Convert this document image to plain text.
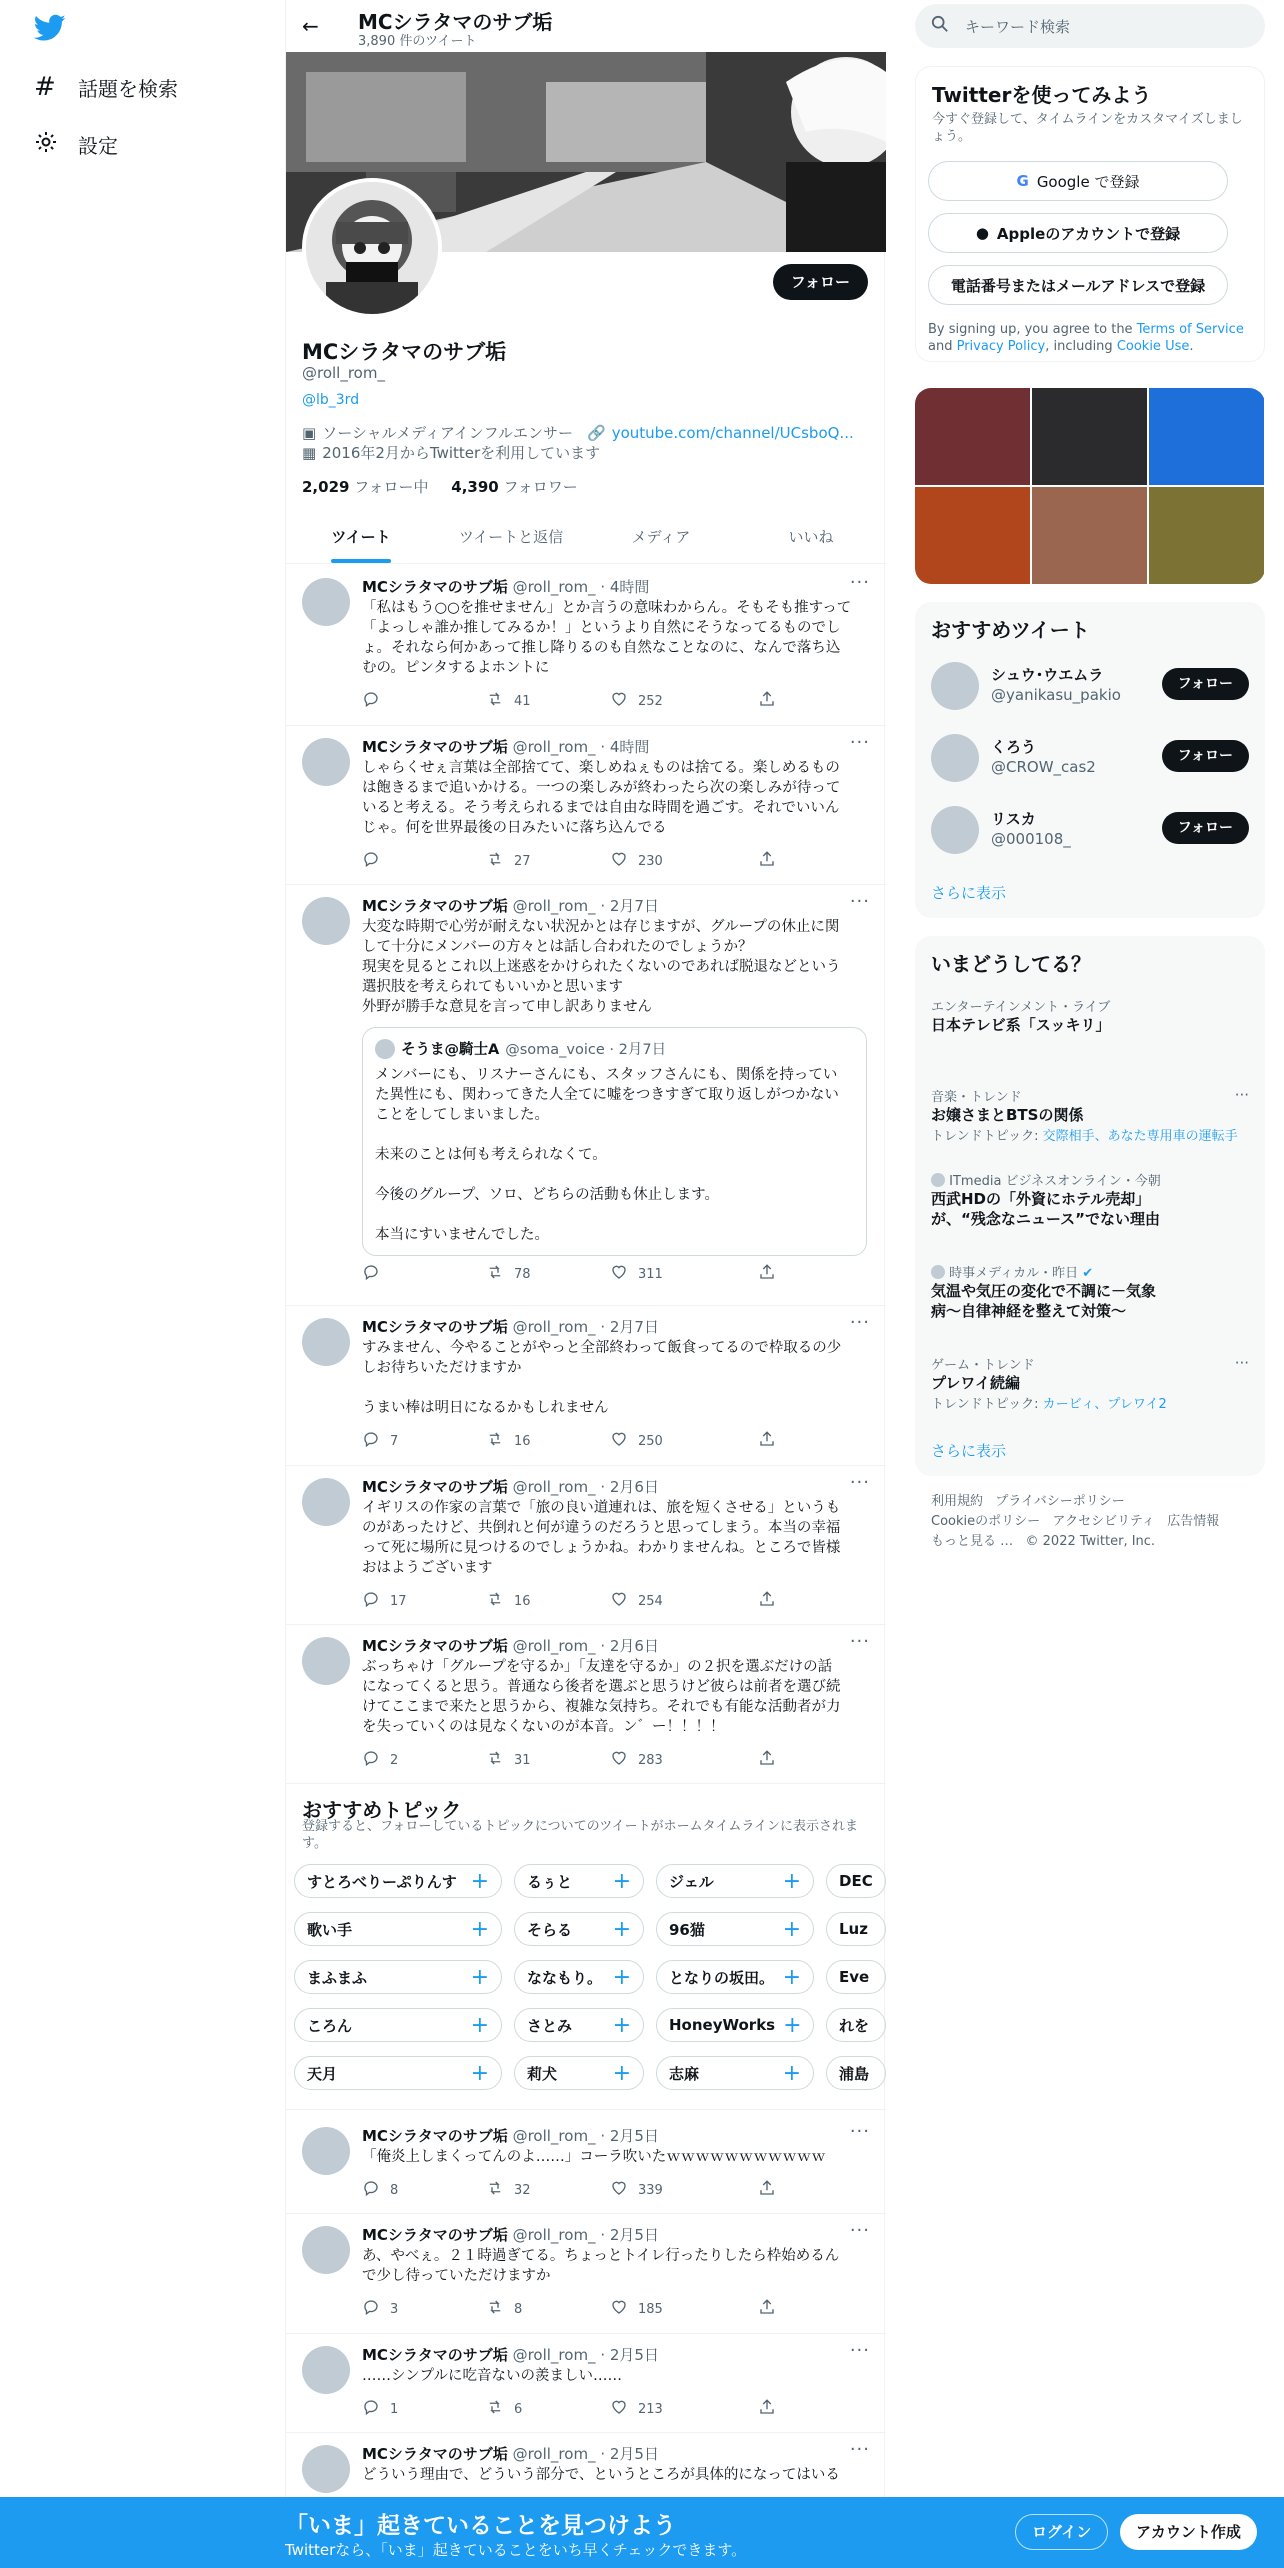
# 話題を検索
設定
← MCシラタマのサブ垢
3,890 件のツイート
フォロー
MCシラタマのサブ垢
@roll_rom_
@lb_3rd
▣ ソーシャルメディアインフルエンサー 🔗 youtube.com/channel/UCsboQ...
▦ 2016年2月からTwitterを利用しています
2,029 フォロー中 4,390 フォロワー
ツイート	ツイートと返信	メディア	いいね
MCシラタマのサブ垢 @roll_rom_ · 4時間	···
「私はもう○○を推せません」とか言うの意味わからん。そもそも推すって
「よっしゃ誰か推してみるか！」というより自然にそうなってるものでし
ょ。それなら何かあって推し降りるのも自然なことなのに、なんで落ち込
むの。ピンタするよホントに
41	252
MCシラタマのサブ垢 @roll_rom_ · 4時間	···
しゃらくせぇ言葉は全部捨てて、楽しめねぇものは捨てる。楽しめるもの
は飽きるまで追いかける。一つの楽しみが終わったら次の楽しみが待って
いると考える。そう考えられるまでは自由な時間を過ごす。それでいいん
じゃ。何を世界最後の日みたいに落ち込んでる
27	230
MCシラタマのサブ垢 @roll_rom_ · 2月7日	···
大変な時期で心労が耐えない状況かとは存じますが、グループの休止に関
して十分にメンバーの方々とは話し合われたのでしょうか？
現実を見るとこれ以上迷惑をかけられたくないのであれば脱退などという
選択肢を考えられてもいいかと思います
外野が勝手な意見を言って申し訳ありません
そうま@騎士A @soma_voice · 2月7日
メンバーにも、リスナーさんにも、スタッフさんにも、関係を持ってい
た異性にも、関わってきた人全てに嘘をつきすぎて取り返しがつかない
ことをしてしまいました。

未来のことは何も考えられなくて。

今後のグループ、ソロ、どちらの活動も休止します。

本当にすいませんでした。
78	311
MCシラタマのサブ垢 @roll_rom_ · 2月7日	···
すみません、今やることがやっと全部終わって飯食ってるので枠取るの少
しお待ちいただけますか

うまい棒は明日になるかもしれません
7	16	250
MCシラタマのサブ垢 @roll_rom_ · 2月6日	···
イギリスの作家の言葉で「旅の良い道連れは、旅を短くさせる」というも
のがあったけど、共倒れと何が違うのだろうと思ってしまう。本当の幸福
って死に場所に見つけるのでしょうかね。わかりませんね。ところで皆様
おはようございます
17	16	254
MCシラタマのサブ垢 @roll_rom_ · 2月6日	···
ぶっちゃけ「グループを守るか」「友達を守るか」の２択を選ぶだけの話
になってくると思う。普通なら後者を選ぶと思うけど彼らは前者を選び続
けてここまで来たと思うから、複雑な気持ち。それでも有能な活動者が力
を失っていくのは見なくないのが本音。ン゛ー！！！！
2	31	283
MCシラタマのサブ垢 @roll_rom_ · 2月5日	···
「俺炎上しまくってんのよ……」コーラ吹いたｗｗｗｗｗｗｗｗｗｗｗ
8	32	339
MCシラタマのサブ垢 @roll_rom_ · 2月5日	···
あ、やべぇ。２１時過ぎてる。ちょっとトイレ行ったりしたら枠始めるん
で少し待っていただけますか
3	8	185
MCシラタマのサブ垢 @roll_rom_ · 2月5日	···
……シンプルに吃音ないの羨ましい……
1	6	213
MCシラタマのサブ垢 @roll_rom_ · 2月5日	···
どういう理由で、どういう部分で、というところが具体的になってはいる
おすすめトピック

登録すると、フォローしているトピックについてのツイートがホームタイムラインに表示されま
す。

すとろべりーぷりんす +	るぅと +	ジェル	+	DEC
歌い手	+	そらる +	96猫	+	Luz
まふまふ	+	ななもり。 +	となりの坂田。 +	Eve
ころん	+	さとみ +	HoneyWorks + れを
天月	+	莉犬	+	志麻	+	浦島
キーワード検索
Twitterを使ってみよう
今すぐ登録して、タイムラインをカスタマイズしまし
ょう。
G Google で登録
● Appleのアカウントで登録
電話番号またはメールアドレスで登録
By signing up, you agree to the Terms of Service and Privacy Policy, including Cookie Use.
おすすめツイート
シュウ･ウエムラ
@yanikasu_pakio
フォロー
くろう
@CROW_cas2
フォロー
リスカ
@000108_
フォロー
さらに表示
いまどうしてる？
エンターテインメント・ライブ
日本テレビ系「スッキリ」
音楽・トレンド
お嬢さまとBTSの関係
トレンドトピック: 交際相手、あなた専用車の運転手
···
ITmedia ビジネスオンライン・今朝
西武HDの「外資にホテル売却」
が、“残念なニュース”でない理由
時事メディカル・昨日 ✔
気温や気圧の変化で不調に－気象
病～自律神経を整えて対策～
ゲーム・トレンド
プレワイ続編
トレンドトピック: カービィ、プレワイ2
···
さらに表示
利用規約   プライバシーポリシー
Cookieのポリシー   アクセシビリティ   広告情報
もっと見る …   © 2022 Twitter, Inc.
「いま」起きていることを見つけよう
Twitterなら、「いま」起きていることをいち早くチェックできます。
ログイン	アカウント作成
